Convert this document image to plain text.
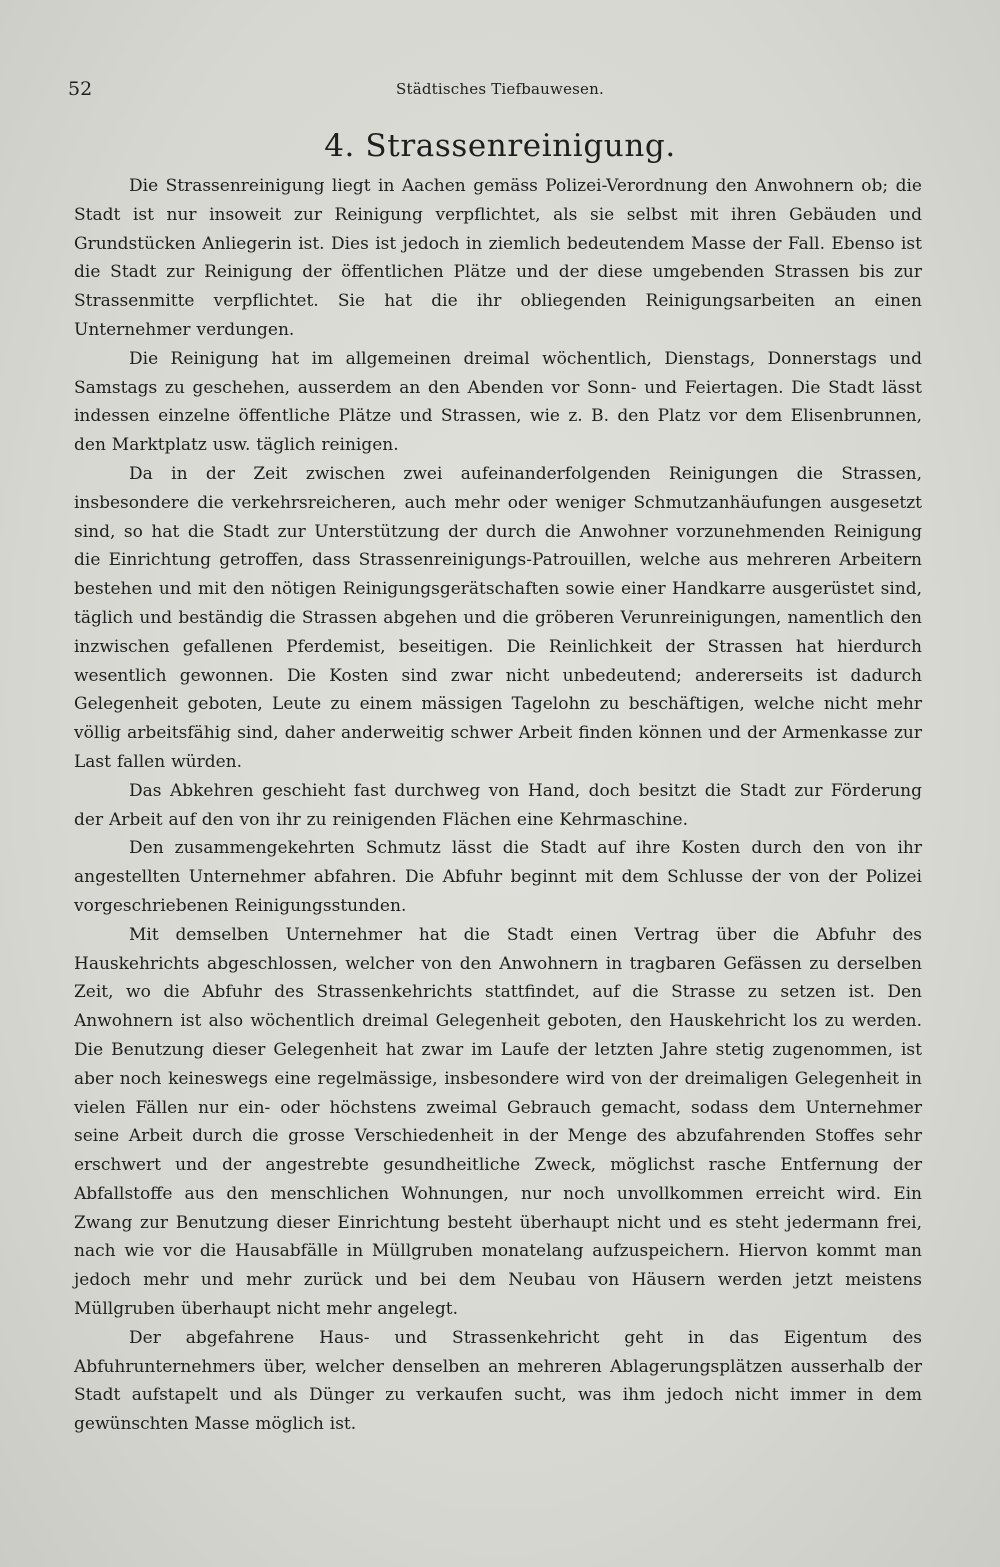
52	Städtisches Tiefbauwesen.
4. Strassenreinigung.

Die Strassenreinigung liegt in Aachen gemäss Polizei-Verordnung den Anwohnern ob; die Stadt ist nur insoweit zur Reinigung verpflichtet, als sie selbst mit ihren Gebäuden und Grundstücken Anliegerin ist. Dies ist jedoch in ziemlich bedeutendem Masse der Fall. Ebenso ist die Stadt zur Reinigung der öffentlichen Plätze und der diese umgebenden Strassen bis zur Strassenmitte verpflichtet. Sie hat die ihr obliegenden Reinigungsarbeiten an einen Unternehmer verdungen.

Die Reinigung hat im allgemeinen dreimal wöchentlich, Dienstags, Donnerstags und Samstags zu geschehen, ausserdem an den Abenden vor Sonn- und Feiertagen. Die Stadt lässt indessen einzelne öffentliche Plätze und Strassen, wie z. B. den Platz vor dem Elisenbrunnen, den Marktplatz usw. täglich reinigen.

Da in der Zeit zwischen zwei aufeinanderfolgenden Reinigungen die Strassen, insbesondere die verkehrsreicheren, auch mehr oder weniger Schmutzanhäufungen ausgesetzt sind, so hat die Stadt zur Unterstützung der durch die Anwohner vorzunehmenden Reinigung die Einrichtung getroffen, dass Strassenreinigungs-Patrouillen, welche aus mehreren Arbeitern bestehen und mit den nötigen Reinigungsgerätschaften sowie einer Handkarre ausgerüstet sind, täglich und beständig die Strassen abgehen und die gröberen Verunreinigungen, namentlich den inzwischen gefallenen Pferdemist, beseitigen. Die Reinlichkeit der Strassen hat hierdurch wesentlich gewonnen. Die Kosten sind zwar nicht unbedeutend; andererseits ist dadurch Gelegenheit geboten, Leute zu einem mässigen Tagelohn zu beschäftigen, welche nicht mehr völlig arbeitsfähig sind, daher anderweitig schwer Arbeit finden können und der Armenkasse zur Last fallen würden.

Das Abkehren geschieht fast durchweg von Hand, doch besitzt die Stadt zur Förderung der Arbeit auf den von ihr zu reinigenden Flächen eine Kehrmaschine.

Den zusammengekehrten Schmutz lässt die Stadt auf ihre Kosten durch den von ihr angestellten Unternehmer abfahren. Die Abfuhr beginnt mit dem Schlusse der von der Polizei vorgeschriebenen Reinigungsstunden.

Mit demselben Unternehmer hat die Stadt einen Vertrag über die Abfuhr des Hauskehrichts abgeschlossen, welcher von den Anwohnern in tragbaren Gefässen zu derselben Zeit, wo die Abfuhr des Strassenkehrichts stattfindet, auf die Strasse zu setzen ist. Den Anwohnern ist also wöchentlich dreimal Gelegenheit geboten, den Hauskehricht los zu werden. Die Benutzung dieser Gelegenheit hat zwar im Laufe der letzten Jahre stetig zugenommen, ist aber noch keineswegs eine regelmässige, insbesondere wird von der dreimaligen Gelegenheit in vielen Fällen nur ein- oder höchstens zweimal Gebrauch gemacht, sodass dem Unternehmer seine Arbeit durch die grosse Verschiedenheit in der Menge des abzufahrenden Stoffes sehr erschwert und der angestrebte gesundheitliche Zweck, möglichst rasche Entfernung der Abfallstoffe aus den menschlichen Wohnungen, nur noch unvollkommen erreicht wird. Ein Zwang zur Benutzung dieser Einrichtung besteht überhaupt nicht und es steht jedermann frei, nach wie vor die Hausabfälle in Müllgruben monatelang aufzuspeichern. Hiervon kommt man jedoch mehr und mehr zurück und bei dem Neubau von Häusern werden jetzt meistens Müllgruben überhaupt nicht mehr angelegt.

Der abgefahrene Haus- und Strassenkehricht geht in das Eigentum des Abfuhrunternehmers über, welcher denselben an mehreren Ablagerungsplätzen ausserhalb der Stadt aufstapelt und als Dünger zu verkaufen sucht, was ihm jedoch nicht immer in dem gewünschten Masse möglich ist.
